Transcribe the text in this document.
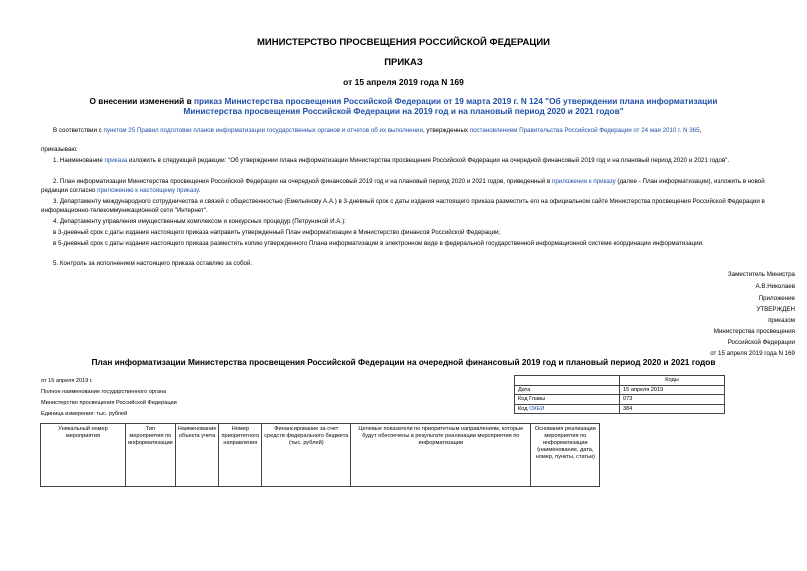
МИНИСТЕРСТВО ПРОСВЕЩЕНИЯ РОССИЙСКОЙ ФЕДЕРАЦИИ
ПРИКАЗ
от 15 апреля 2019 года N 169
О внесении изменений в приказ Министерства просвещения Российской Федерации от 19 марта 2019 г. N 124 "Об утверждении плана информатизации Министерства просвещения Российской Федерации на 2019 год и на плановый период 2020 и 2021 годов"
В соответствии с пунктом 25 Правил подготовки планов информатизации государственных органов и отчетов об их выполнении, утвержденных постановлением Правительства Российской Федерации от 24 мая 2010 г. N 365,
приказываю:
1. Наименование приказа изложить в следующей редакции: "Об утверждении плана информатизации Министерства просвещения Российской Федерации на очередной финансовый 2019 год и на плановый период 2020 и 2021 годов".
2. План информатизации Министерства просвещения Российской Федерации на очередной финансовый 2019 год и на плановый период 2020 и 2021 годов, приведенный в приложении к приказу (далее - План информатизации), изложить в новой редакции согласно приложению к настоящему приказу.
3. Департаменту международного сотрудничества и связей с общественностью (Емельянову А.А.) в 3-дневный срок с даты издания настоящего приказа разместить его на официальном сайте Министерства просвещения Российской Федерации в информационно-телекоммуникационной сети "Интернет".
4. Департаменту управления имущественным комплексом и конкурсных процедур (Петруниной И.А.):
в 3-дневный срок с даты издания настоящего приказа направить утвержденный План информатизации в Министерство финансов Российской Федерации;
в 5-дневный срок с даты издания настоящего приказа разместить копию утвержденного Плана информатизации в электронном виде в федеральной государственной информационной системе координации информатизации.
5. Контроль за исполнением настоящего приказа оставляю за собой.
Заместитель Министра
А.В.Николаев
Приложение
УТВЕРЖДЕН
приказом
Министерства просвещения
Российской Федерации
от 15 апреля 2019 года N 169
План информатизации Министерства просвещения Российской Федерации на очередной финансовый 2019 год и плановый период 2020 и 2021 годов
от 15 апреля 2019 г.
Полное наименование государственного органа
Министерство просвещения Российской Федерации
Единица измерения: тыс. рублей
	Коды
Дата	15 апреля 2019
Код Главы	073
Код ОКЕИ	384
Уникальный номер мероприятия	Тип мероприятия по информатизации	Наименование объекта учета	Номер приоритетного направления	Финансирование за счет средств федерального бюджета (тыс. рублей)	Целевые показатели по приоритетным направлениям, которые будут обеспечены в результате реализации мероприятия по информатизации	Основания реализации мероприятия по информатизации (наименование, дата, номер, пункты, статьи)
